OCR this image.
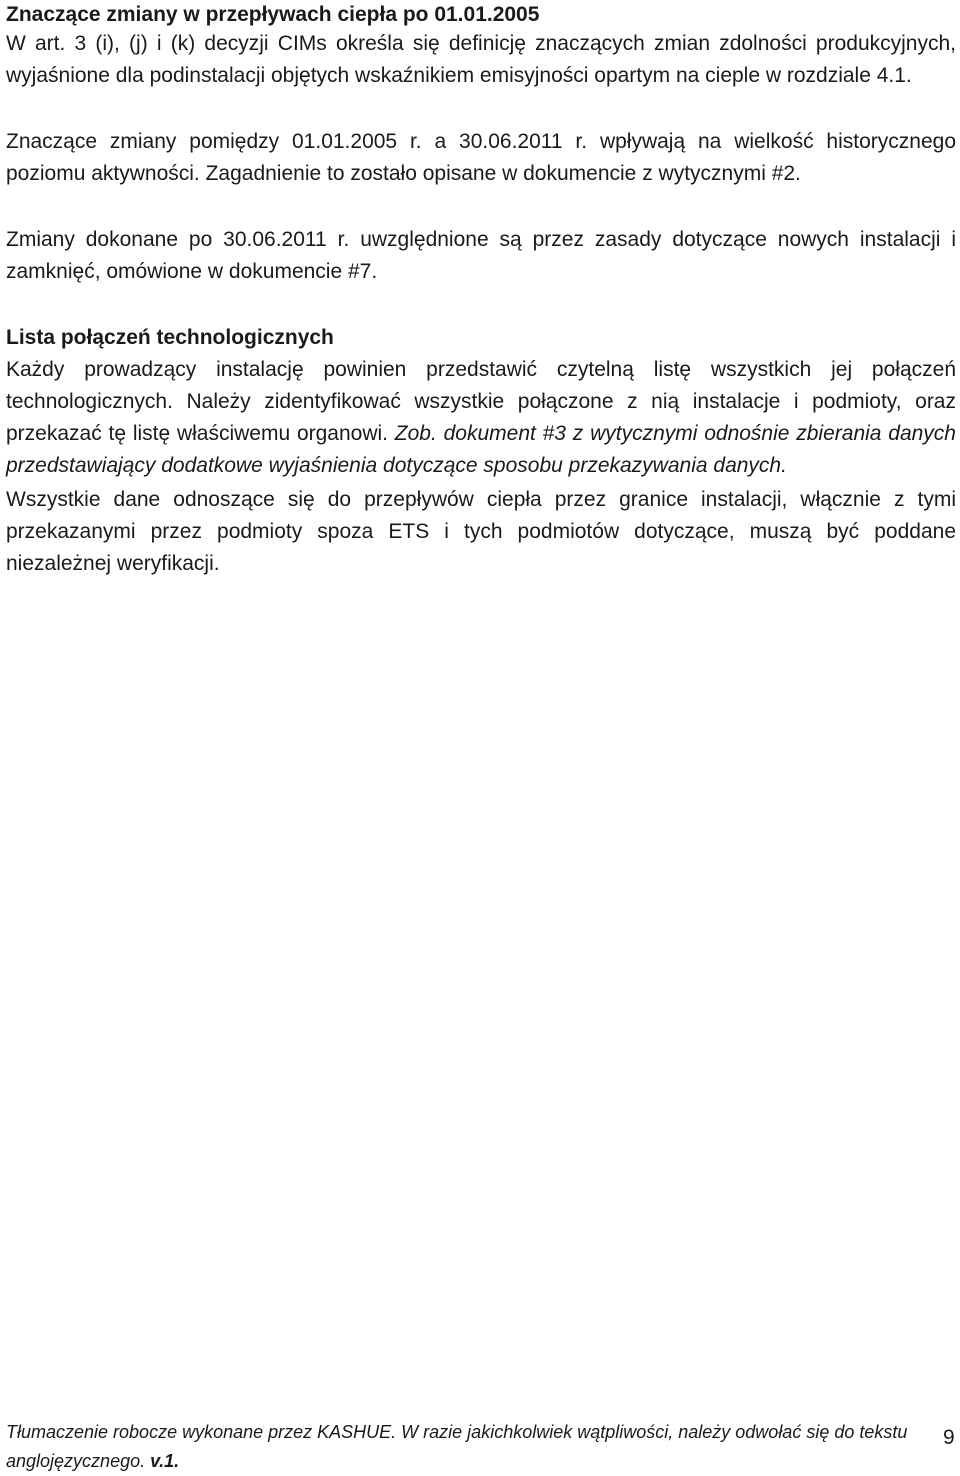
Znaczące zmiany w przepływach ciepła po 01.01.2005

W art. 3 (i), (j) i (k) decyzji CIMs określa się definicję znaczących zmian zdolności produkcyjnych, wyjaśnione dla podinstalacji objętych wskaźnikiem emisyjności opartym na cieple w rozdziale 4.1.

Znaczące zmiany pomiędzy 01.01.2005 r. a 30.06.2011 r. wpływają na wielkość historycznego poziomu aktywności. Zagadnienie to zostało opisane w dokumencie z wytycznymi #2.

Zmiany dokonane po 30.06.2011 r. uwzględnione są przez zasady dotyczące nowych instalacji i zamknięć, omówione w dokumencie #7.

Lista połączeń technologicznych

Każdy prowadzący instalację powinien przedstawić czytelną listę wszystkich jej połączeń technologicznych. Należy zidentyfikować wszystkie połączone z nią instalacje i podmioty, oraz przekazać tę listę właściwemu organowi. Zob. dokument #3 z wytycznymi odnośnie zbierania danych przedstawiający dodatkowe wyjaśnienia dotyczące sposobu przekazywania danych.

Wszystkie dane odnoszące się do przepływów ciepła przez granice instalacji, włącznie z tymi przekazanymi przez podmioty spoza ETS i tych podmiotów dotyczące, muszą być poddane niezależnej weryfikacji.

Tłumaczenie robocze wykonane przez KASHUE. W razie jakichkolwiek wątpliwości, należy odwołać się do tekstu anglojęzycznego. v.1.
9
